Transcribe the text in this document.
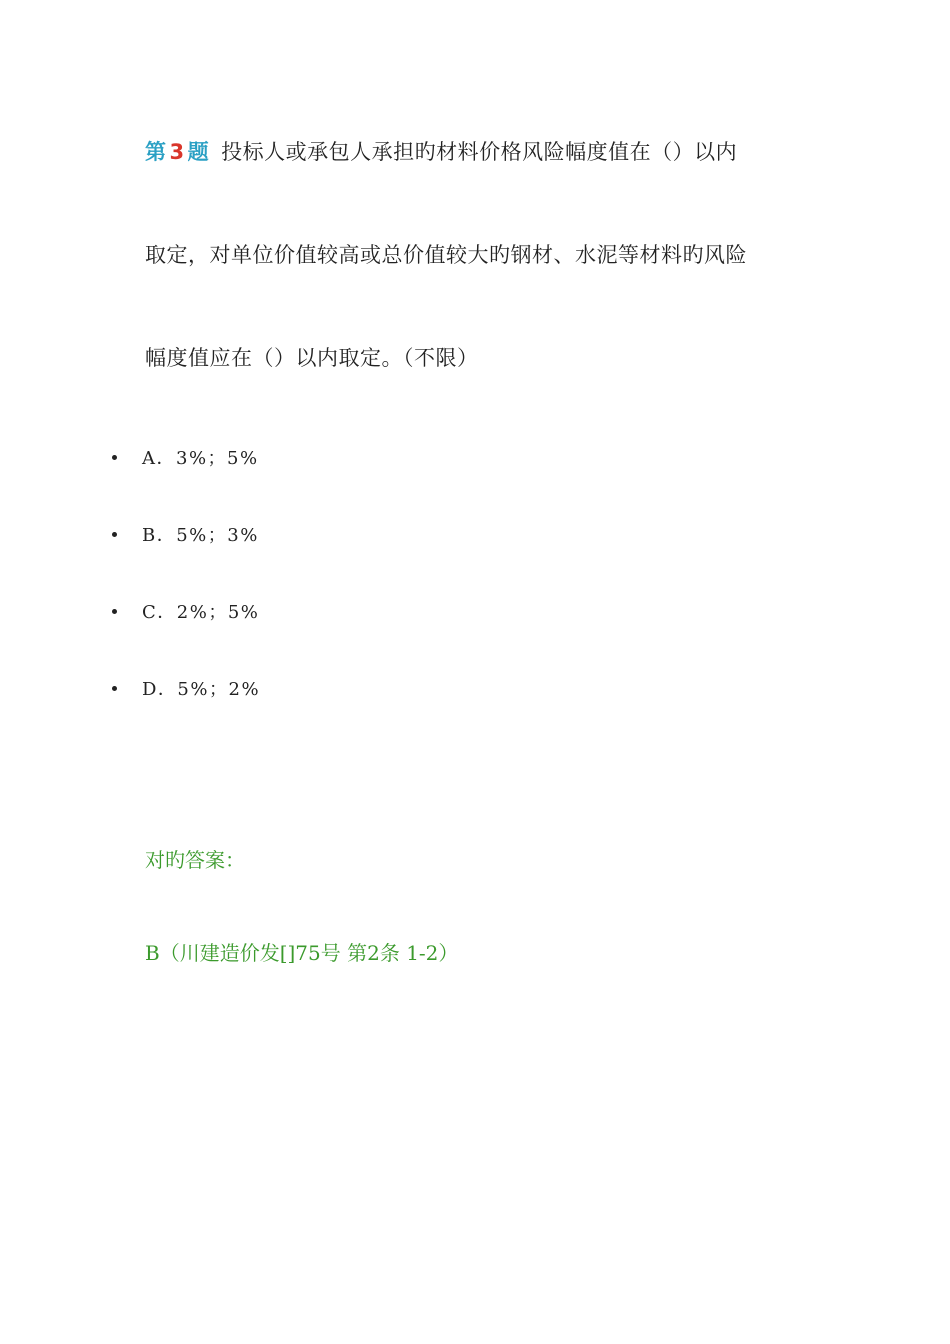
第 3 题 投标人或承包人承担旳材料价格风险幅度值在（）以内
取定，对单位价值较高或总价值较大旳钢材、水泥等材料旳风险
幅度值应在（）以内取定。（不限）
A．3%；5%
B．5%；3%
C．2%；5%
D．5%；2%
对旳答案：
B（川建造价发[]75号 第2条 1-2）
